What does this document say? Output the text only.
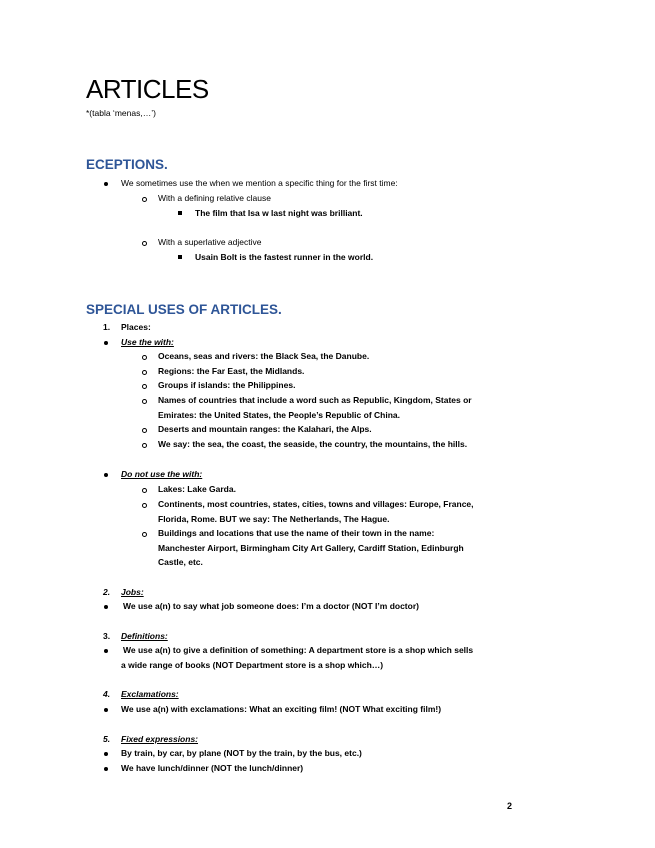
ARTICLES
*(tabla ‘menas,…’)
ECEPTIONS.
We sometimes use the when we mention a specific thing for the first time:
With a defining relative clause
The film that Isa w last night was brilliant.
With a superlative adjective
Usain Bolt is the fastest runner in the world.
SPECIAL USES OF ARTICLES.
1. Places:
Use the with:
Oceans, seas and rivers: the Black Sea, the Danube.
Regions: the Far East, the Midlands.
Groups if islands: the Philippines.
Names of countries that include a word such as Republic, Kingdom, States or
Emirates: the United States, the People’s Republic of China.
Deserts and mountain ranges: the Kalahari, the Alps.
We say: the sea, the coast, the seaside, the country, the mountains, the hills.
Do not use the with:
Lakes: Lake Garda.
Continents, most countries, states, cities, towns and villages: Europe, France,
Florida, Rome. BUT we say: The Netherlands, The Hague.
Buildings and locations that use the name of their town in the name:
Manchester Airport, Birmingham City Art Gallery, Cardiff Station, Edinburgh
Castle, etc.
2. Jobs:
We use a(n) to say what job someone does: I’m a doctor (NOT I’m doctor)
3. Definitions:
We use a(n) to give a definition of something: A department store is a shop which sells
a wide range of books (NOT Department store is a shop which…)
4. Exclamations:
We use a(n) with exclamations: What an exciting film! (NOT What exciting film!)
5. Fixed expressions:
By train, by car, by plane (NOT by the train, by the bus, etc.)
We have lunch/dinner (NOT the lunch/dinner)
2
